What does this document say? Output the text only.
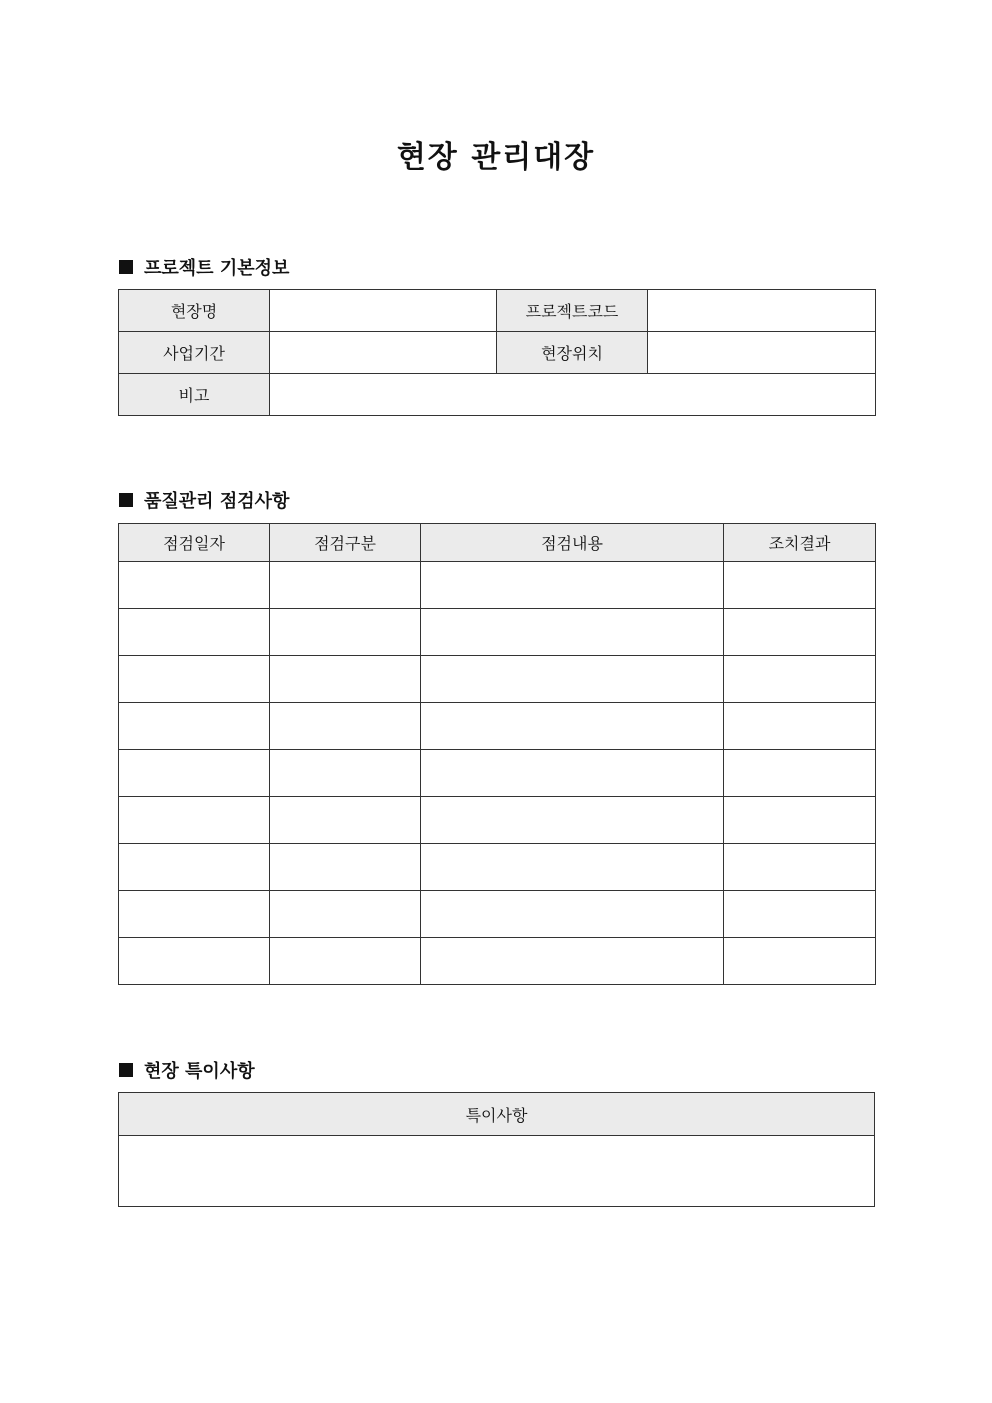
현장 관리대장
프로젝트 기본정보
현장명		프로젝트코드	
사업기간		현장위치	
비고			
품질관리 점검사항
점검일자	점검구분	점검내용	조치결과

현장 특이사항
특이사항
